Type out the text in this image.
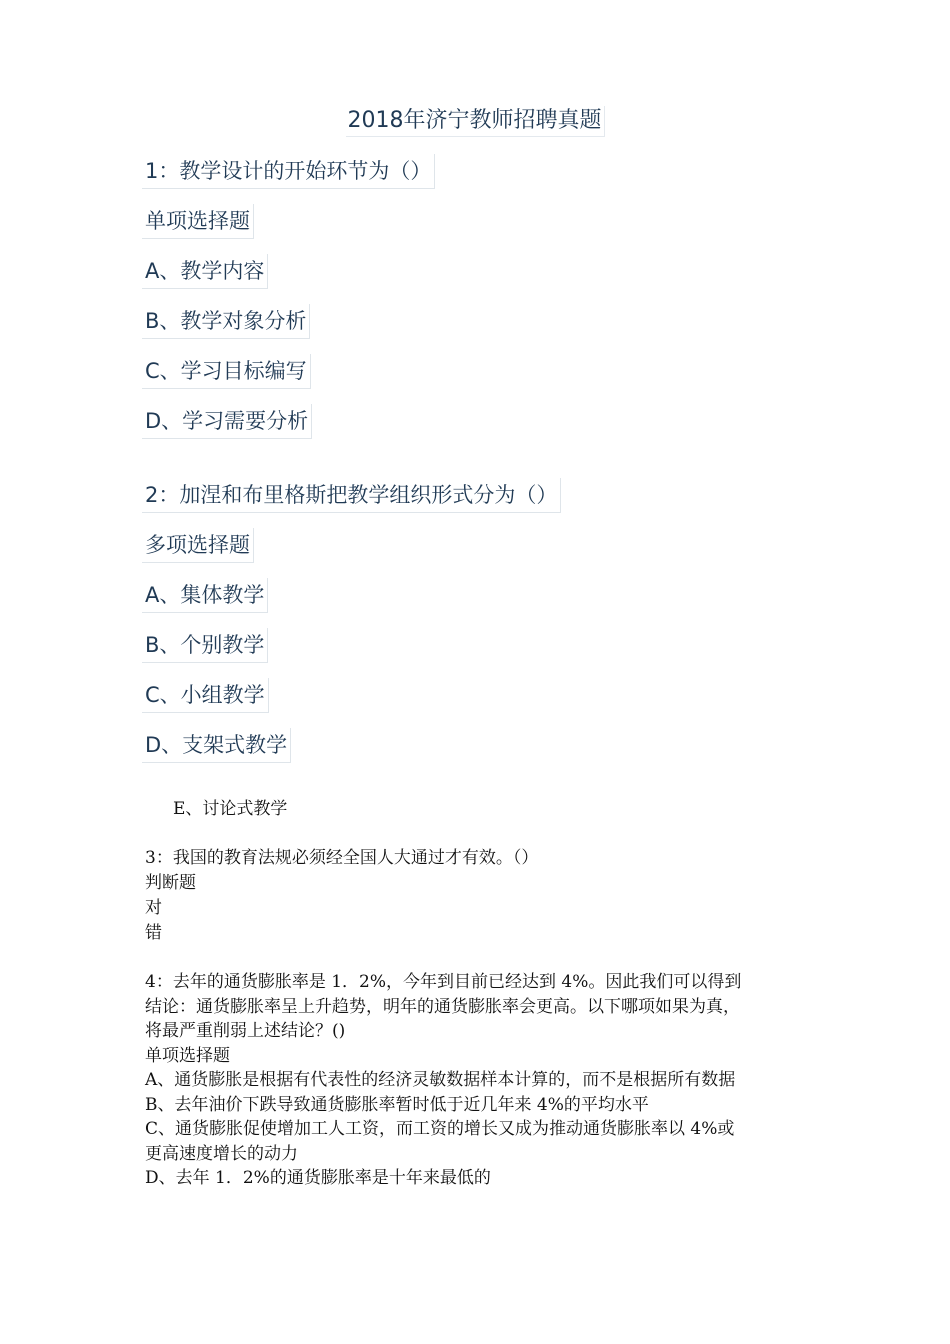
2018年济宁教师招聘真题
1：教学设计的开始环节为（）
单项选择题
A、教学内容
B、教学对象分析
C、学习目标编写
D、学习需要分析
2：加涅和布里格斯把教学组织形式分为（）
多项选择题
A、集体教学
B、个别教学
C、小组教学
D、支架式教学
E、讨论式教学
3：我国的教育法规必须经全国人大通过才有效。（）
判断题
对
错
4：去年的通货膨胀率是 1．2%，今年到目前已经达到 4%。因此我们可以得到
结论：通货膨胀率呈上升趋势，明年的通货膨胀率会更高。以下哪项如果为真，
将最严重削弱上述结论？()
单项选择题
A、通货膨胀是根据有代表性的经济灵敏数据样本计算的，而不是根据所有数据
B、去年油价下跌导致通货膨胀率暂时低于近几年来 4%的平均水平
C、通货膨胀促使增加工人工资，而工资的增长又成为推动通货膨胀率以 4%或
更高速度增长的动力
D、去年 1．2%的通货膨胀率是十年来最低的
